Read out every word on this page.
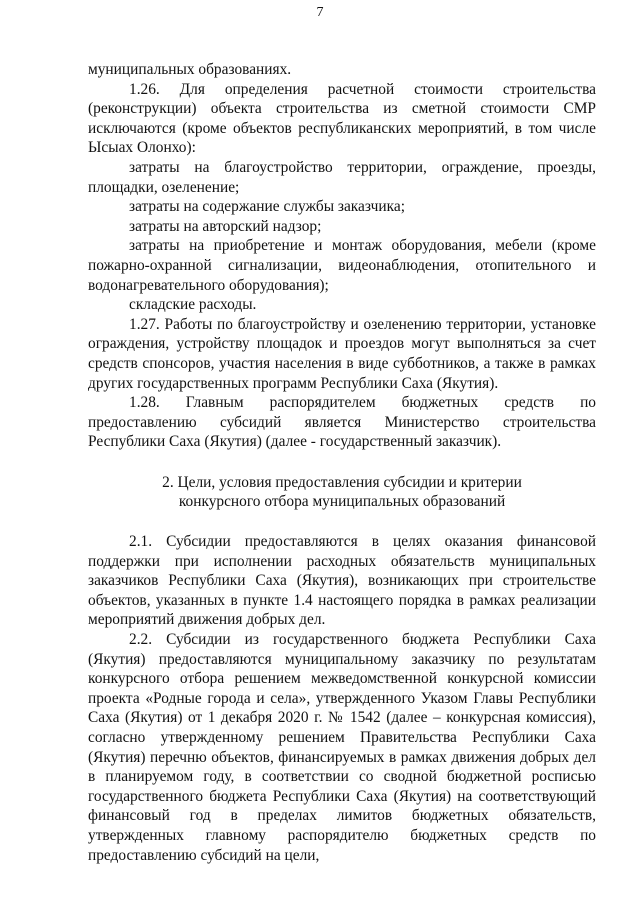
7

муниципальных образованиях.

1.26. Для определения расчетной стоимости строительства (реконструкции) объекта строительства из сметной стоимости СМР исключаются (кроме объектов республиканских мероприятий, в том числе Ысыах Олонхо):

затраты на благоустройство территории, ограждение, проезды, площадки, озеленение;

затраты на содержание службы заказчика;

затраты на авторский надзор;

затраты на приобретение и монтаж оборудования, мебели (кроме пожарно-охранной сигнализации, видеонаблюдения, отопительного и водонагревательного оборудования);

складские расходы.

1.27. Работы по благоустройству и озеленению территории, установке ограждения, устройству площадок и проездов могут выполняться за счет средств спонсоров, участия населения в виде субботников, а также в рамках других государственных программ Республики Саха (Якутия).

1.28. Главным распорядителем бюджетных средств по предоставлению субсидий является Министерство строительства Республики Саха (Якутия) (далее - государственный заказчик).

2. Цели, условия предоставления субсидии и критерии
конкурсного отбора муниципальных образований

2.1. Субсидии предоставляются в целях оказания финансовой поддержки при исполнении расходных обязательств муниципальных заказчиков Республики Саха (Якутия), возникающих при строительстве объектов, указанных в пункте 1.4 настоящего порядка в рамках реализации мероприятий движения добрых дел.

2.2. Субсидии из государственного бюджета Республики Саха (Якутия) предоставляются муниципальному заказчику по результатам конкурсного отбора решением межведомственной конкурсной комиссии проекта «Родные города и села», утвержденного Указом Главы Республики Саха (Якутия) от 1 декабря 2020 г. № 1542 (далее – конкурсная комиссия), согласно утвержденному решением Правительства Республики Саха (Якутия) перечню объектов, финансируемых в рамках движения добрых дел в планируемом году, в соответствии со сводной бюджетной росписью государственного бюджета Республики Саха (Якутия) на соответствующий финансовый год в пределах лимитов бюджетных обязательств, утвержденных главному распорядителю бюджетных средств по предоставлению субсидий на цели,
